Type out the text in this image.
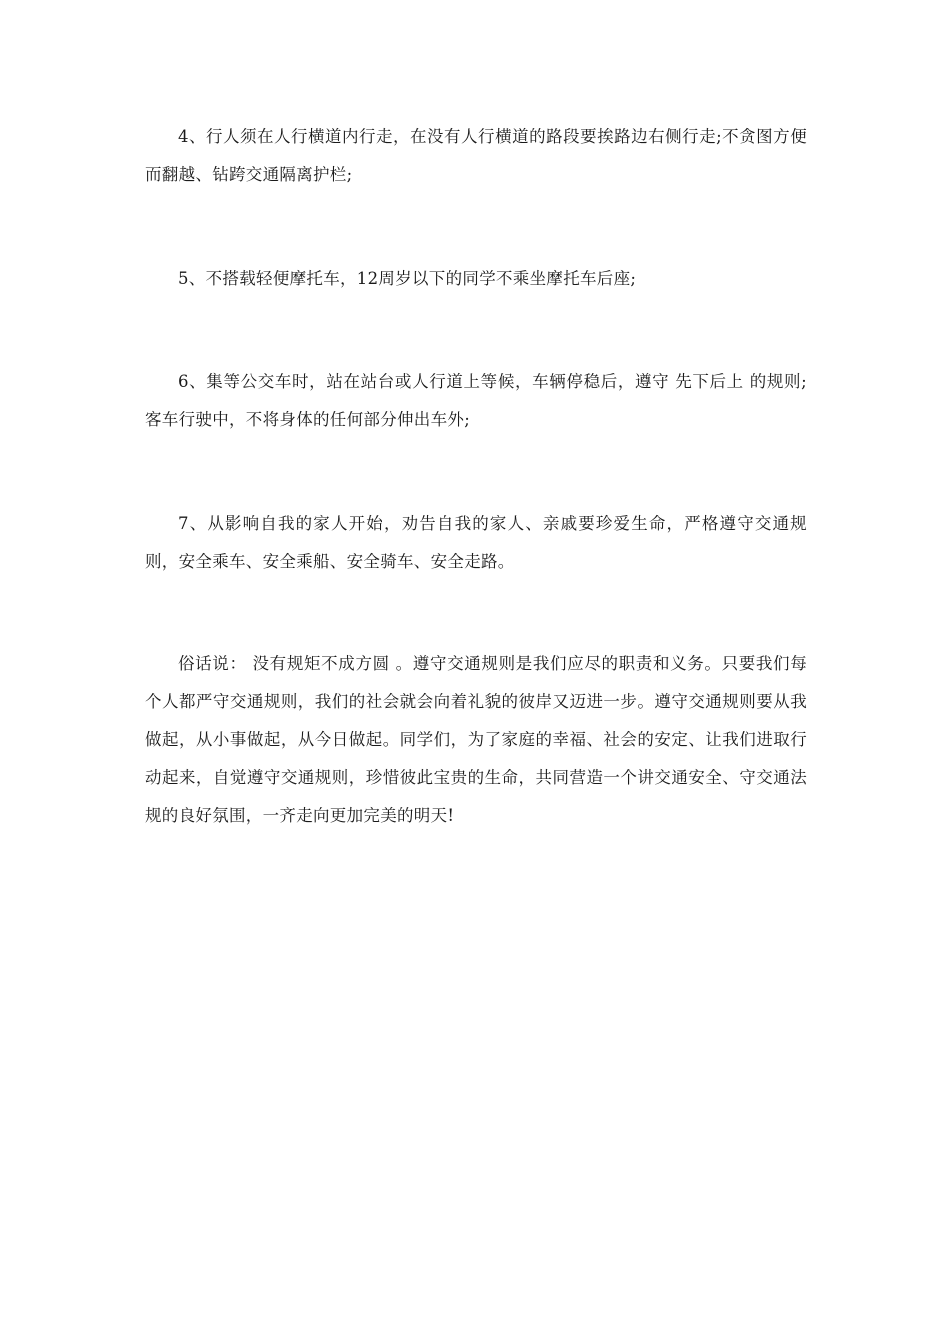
4、行人须在人行横道内行走，在没有人行横道的路段要挨路边右侧行走;不贪图方便而翻越、钻跨交通隔离护栏;

5、不搭载轻便摩托车，12周岁以下的同学不乘坐摩托车后座;

6、集等公交车时，站在站台或人行道上等候，车辆停稳后，遵守 先下后上 的规则;客车行驶中，不将身体的任何部分伸出车外;

7、从影响自我的家人开始，劝告自我的家人、亲戚要珍爱生命，严格遵守交通规则，安全乘车、安全乘船、安全骑车、安全走路。

俗话说： 没有规矩不成方圆 。遵守交通规则是我们应尽的职责和义务。只要我们每个人都严守交通规则，我们的社会就会向着礼貌的彼岸又迈进一步。遵守交通规则要从我做起，从小事做起，从今日做起。同学们，为了家庭的幸福、社会的安定、让我们进取行动起来，自觉遵守交通规则，珍惜彼此宝贵的生命，共同营造一个讲交通安全、守交通法规的良好氛围，一齐走向更加完美的明天!
